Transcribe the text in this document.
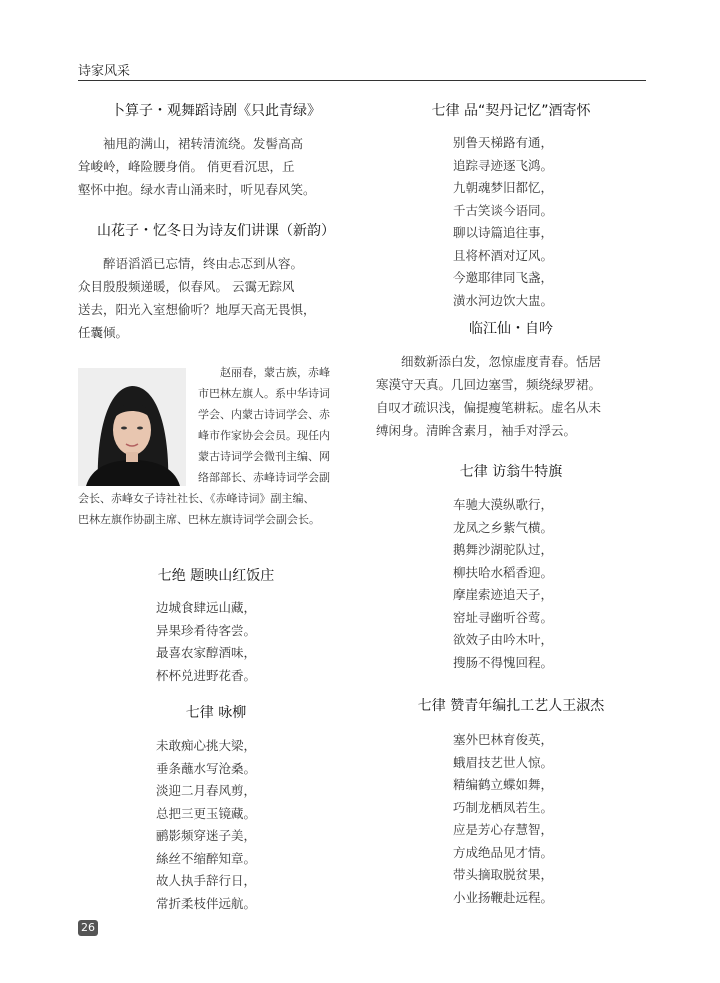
诗家风采
卜算子・观舞蹈诗剧《只此青绿》
袖甩韵满山，裙转清流绕。发髻高高
耸峻岭，峰险腰身俏。 俏更看沉思，丘
壑怀中抱。绿水青山涌来时，听见春风笑。
山花子・忆冬日为诗友们讲课（新韵）
醉语滔滔已忘情，终由忐忑到从容。
众目殷殷频递暖，似春风。 云霭无踪风
送去，阳光入室想偷听？地厚天高无畏惧，
任囊倾。
赵丽春，蒙古族，赤峰
市巴林左旗人。系中华诗词
学会、内蒙古诗词学会、赤
峰市作家协会会员。现任内
蒙古诗词学会微刊主编、网
络部部长、赤峰诗词学会副
会长、赤峰女子诗社社长、《赤峰诗词》副主编、
巴林左旗作协副主席、巴林左旗诗词学会副会长。
七绝 题映山红饭庄
边城食肆远山藏，
异果珍肴待客尝。
最喜农家醇酒味，
杯杯兑进野花香。
七律 咏柳
未敢痴心挑大梁，
垂条蘸水写沧桑。
淡迎二月春风剪，
总把三更玉镜藏。
鹂影频穿迷子美，
絲丝不缩醉知章。
故人执手辞行日，
常折柔枝伴远航。
七律 品“契丹记忆”酒寄怀
别鲁天梯路有通，
追踪寻迹逐飞鸿。
九朝魂梦旧都忆，
千古笑谈今语同。
聊以诗篇追往事，
且将杯酒对辽风。
今邀耶律同飞盏，
潢水河边饮大盅。
临江仙・自吟
细数新添白发，忽惊虚度青春。恬居
寒漠守天真。几回边塞雪，频绕绿罗裙。
自叹才疏识浅，偏提瘦笔耕耘。虚名从未
缚闲身。清眸含素月，袖手对浮云。
七律 访翁牛特旗
车驰大漠纵歌行，
龙凤之乡紫气横。
鹅舞沙湖驼队过，
柳扶哈水稻香迎。
摩崖索迹追天子，
窑址寻幽听谷莺。
欲效子由吟木叶，
搜肠不得愧回程。
七律 赞青年编扎工艺人王淑杰
塞外巴林育俊英，
蛾眉技艺世人惊。
精编鹤立蝶如舞，
巧制龙栖凤若生。
应是芳心存慧智，
方成绝品见才情。
带头摘取脱贫果，
小业扬鞭赴远程。
26
